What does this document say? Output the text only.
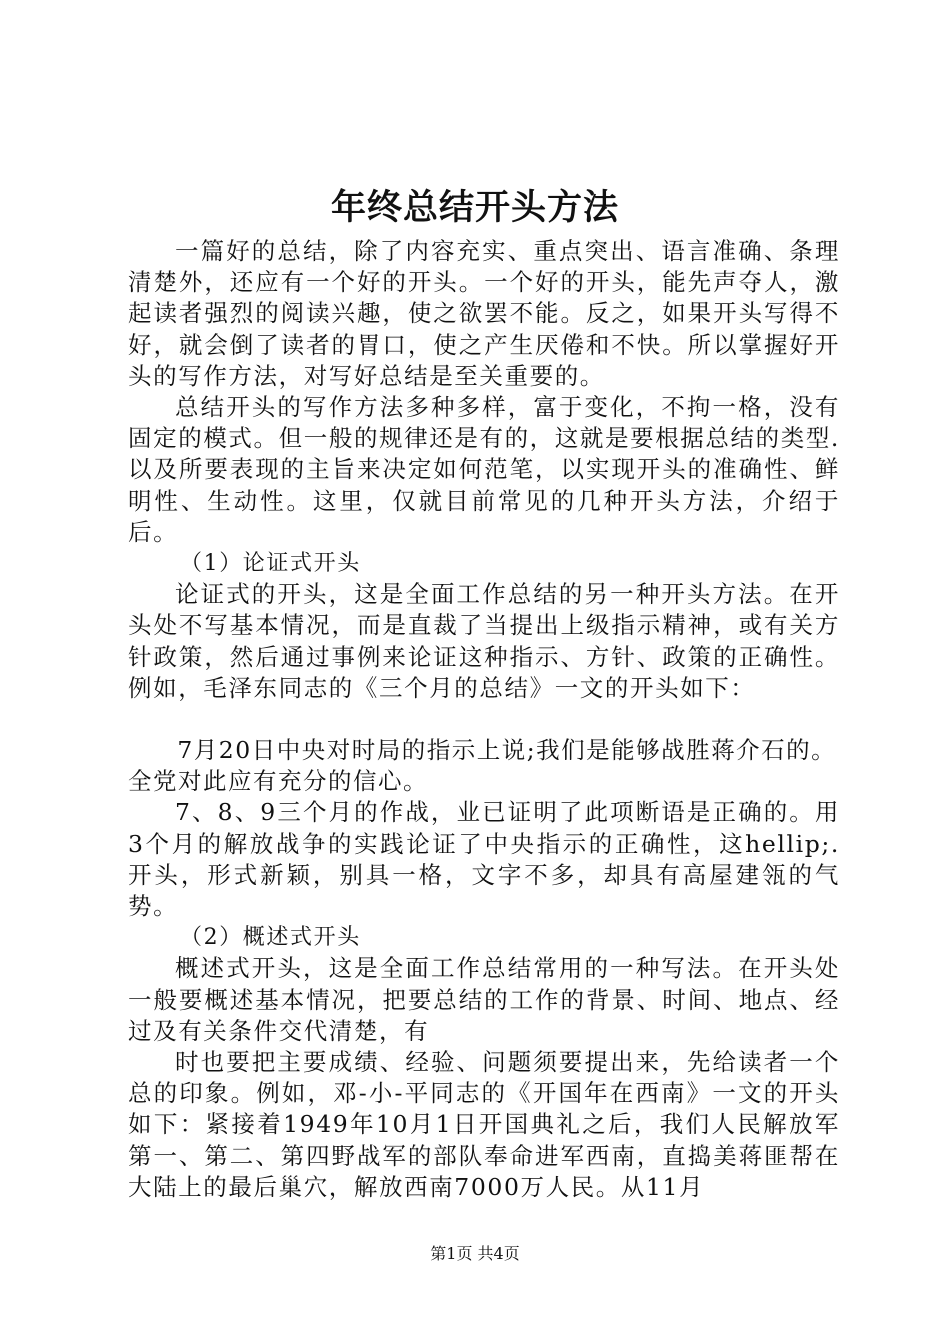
年终总结开头方法

一篇好的总结，除了内容充实、重点突出、语言准确、条理清楚外，还应有一个好的开头。一个好的开头，能先声夺人，激起读者强烈的阅读兴趣，使之欲罢不能。反之，如果开头写得不好，就会倒了读者的胃口，使之产生厌倦和不快。所以掌握好开头的写作方法，对写好总结是至关重要的。

总结开头的写作方法多种多样，富于变化，不拘一格，没有固定的模式。但一般的规律还是有的，这就是要根据总结的类型.以及所要表现的主旨来决定如何范笔，以实现开头的准确性、鲜明性、生动性。这里，仅就目前常见的几种开头方法，介绍于后。

（1）论证式开头

论证式的开头，这是全面工作总结的另一种开头方法。在开头处不写基本情况，而是直裁了当提出上级指示精神，或有关方针政策，然后通过事例来论证这种指示、方针、政策的正确性。例如，毛泽东同志的《三个月的总结》一文的开头如下：

7月20日中央对时局的指示上说;我们是能够战胜蒋介石的。全党对此应有充分的信心。

7、8、9三个月的作战，业已证明了此项断语是正确的。用3个月的解放战争的实践论证了中央指示的正确性，这hellip;.开头，形式新颖，别具一格，文字不多，却具有高屋建瓴的气势。

（2）概述式开头

概述式开头，这是全面工作总结常用的一种写法。在开头处一般要概述基本情况，把要总结的工作的背景、时间、地点、经过及有关条件交代清楚，有

时也要把主要成绩、经验、问题须要提出来，先给读者一个总的印象。例如，邓-小-平同志的《开国年在西南》一文的开头如下：紧接着1949年10月1日开国典礼之后，我们人民解放军第一、第二、第四野战军的部队奉命进军西南，直捣美蒋匪帮在大陆上的最后巢穴，解放西南7000万人民。从11月

第1页 共4页
